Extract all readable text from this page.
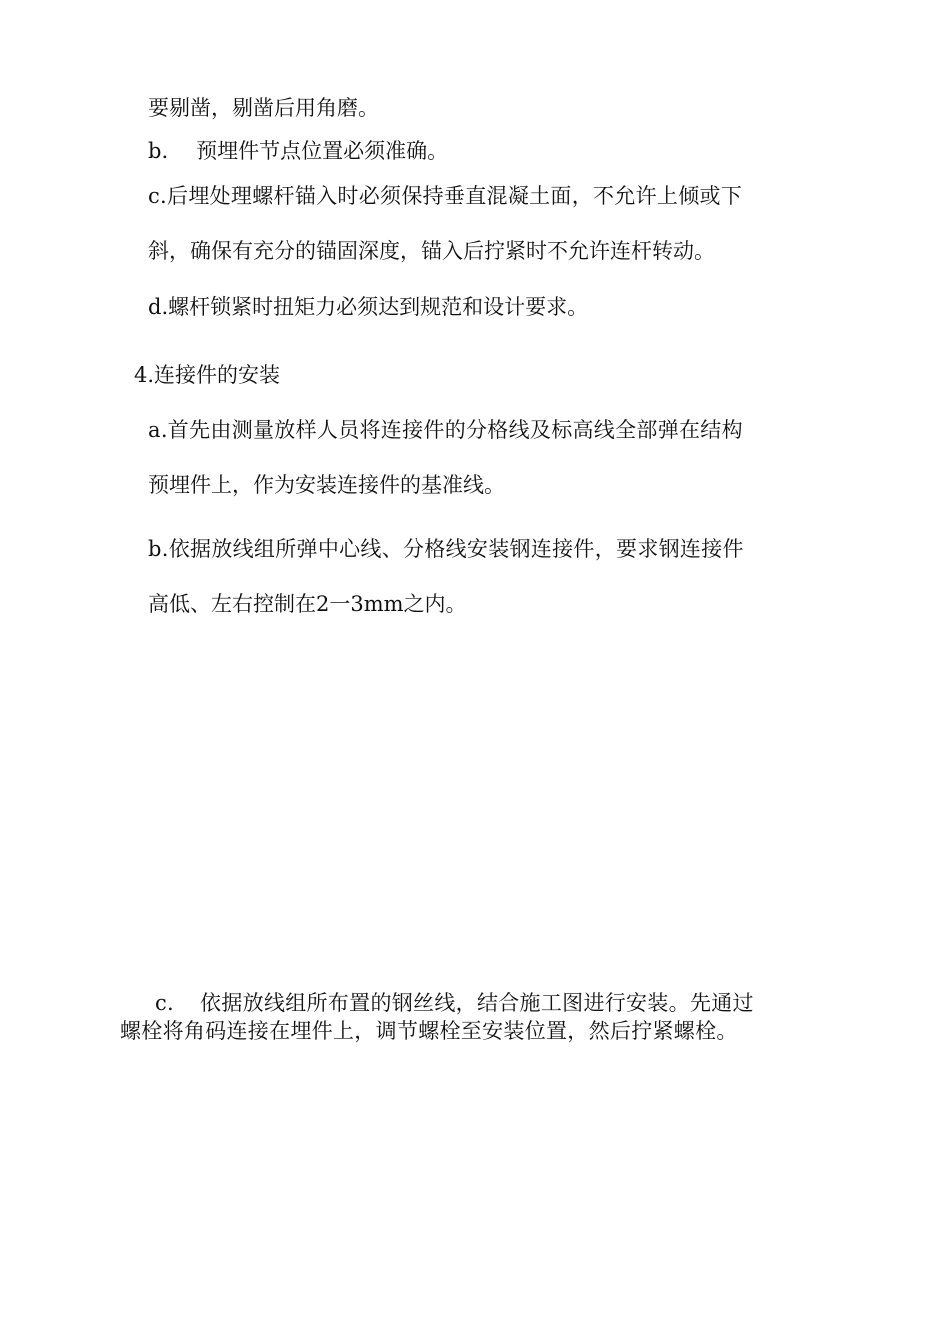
要剔凿，剔凿后用角磨。
b. 预埋件节点位置必须准确。
c.后埋处理螺杆锚入时必须保持垂直混凝土面，不允许上倾或下
斜，确保有充分的锚固深度，锚入后拧紧时不允许连杆转动。
d.螺杆锁紧时扭矩力必须达到规范和设计要求。
4.连接件的安装
a.首先由测量放样人员将连接件的分格线及标高线全部弹在结构
预埋件上，作为安装连接件的基准线。
b.依据放线组所弹中心线、分格线安装钢连接件，要求钢连接件
高低、左右控制在2一3mm之内。
c. 依据放线组所布置的钢丝线，结合施工图进行安装。先通过
螺栓将角码连接在埋件上，调节螺栓至安装位置，然后拧紧螺栓。
